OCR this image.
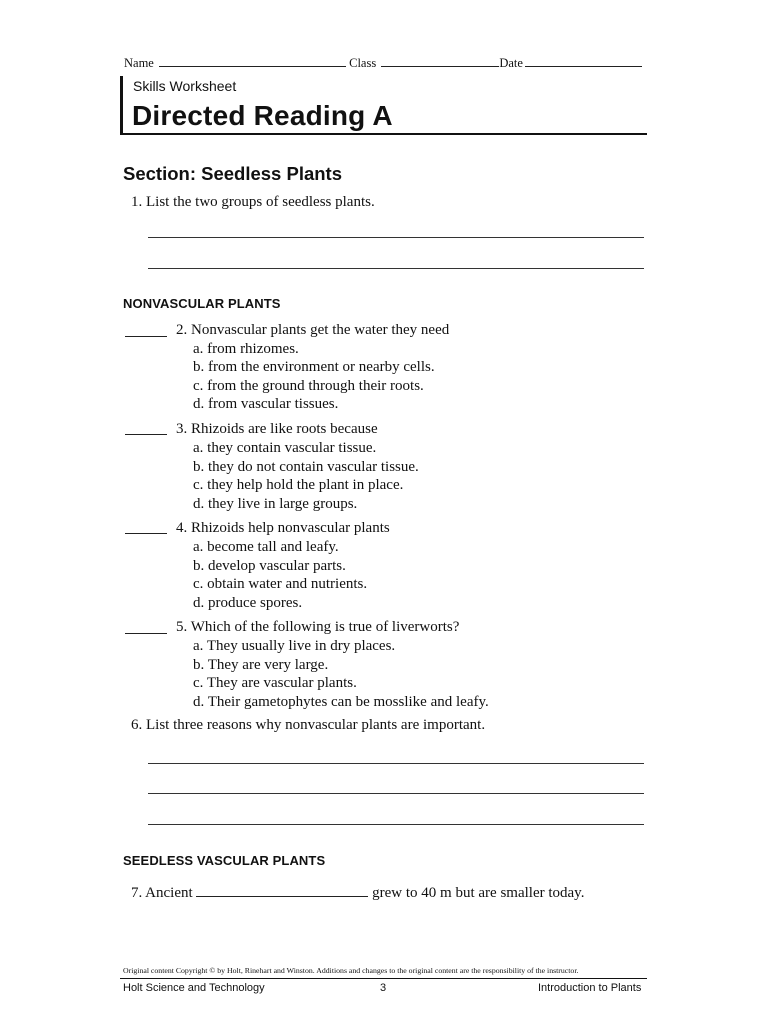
Name	Class	Date
Skills Worksheet
Directed Reading A
Section: Seedless Plants
1. List the two groups of seedless plants.
NONVASCULAR PLANTS
2. Nonvascular plants get the water they need
a. from rhizomes.
b. from the environment or nearby cells.
c. from the ground through their roots.
d. from vascular tissues.
3. Rhizoids are like roots because
a. they contain vascular tissue.
b. they do not contain vascular tissue.
c. they help hold the plant in place.
d. they live in large groups.
4. Rhizoids help nonvascular plants
a. become tall and leafy.
b. develop vascular parts.
c. obtain water and nutrients.
d. produce spores.
5. Which of the following is true of liverworts?
a. They usually live in dry places.
b. They are very large.
c. They are vascular plants.
d. Their gametophytes can be mosslike and leafy.
6. List three reasons why nonvascular plants are important.
SEEDLESS VASCULAR PLANTS
7. Ancient	grew to 40 m but are smaller today.
Original content Copyright © by Holt, Rinehart and Winston. Additions and changes to the original content are the responsibility of the instructor.
Holt Science and Technology	3	Introduction to Plants
